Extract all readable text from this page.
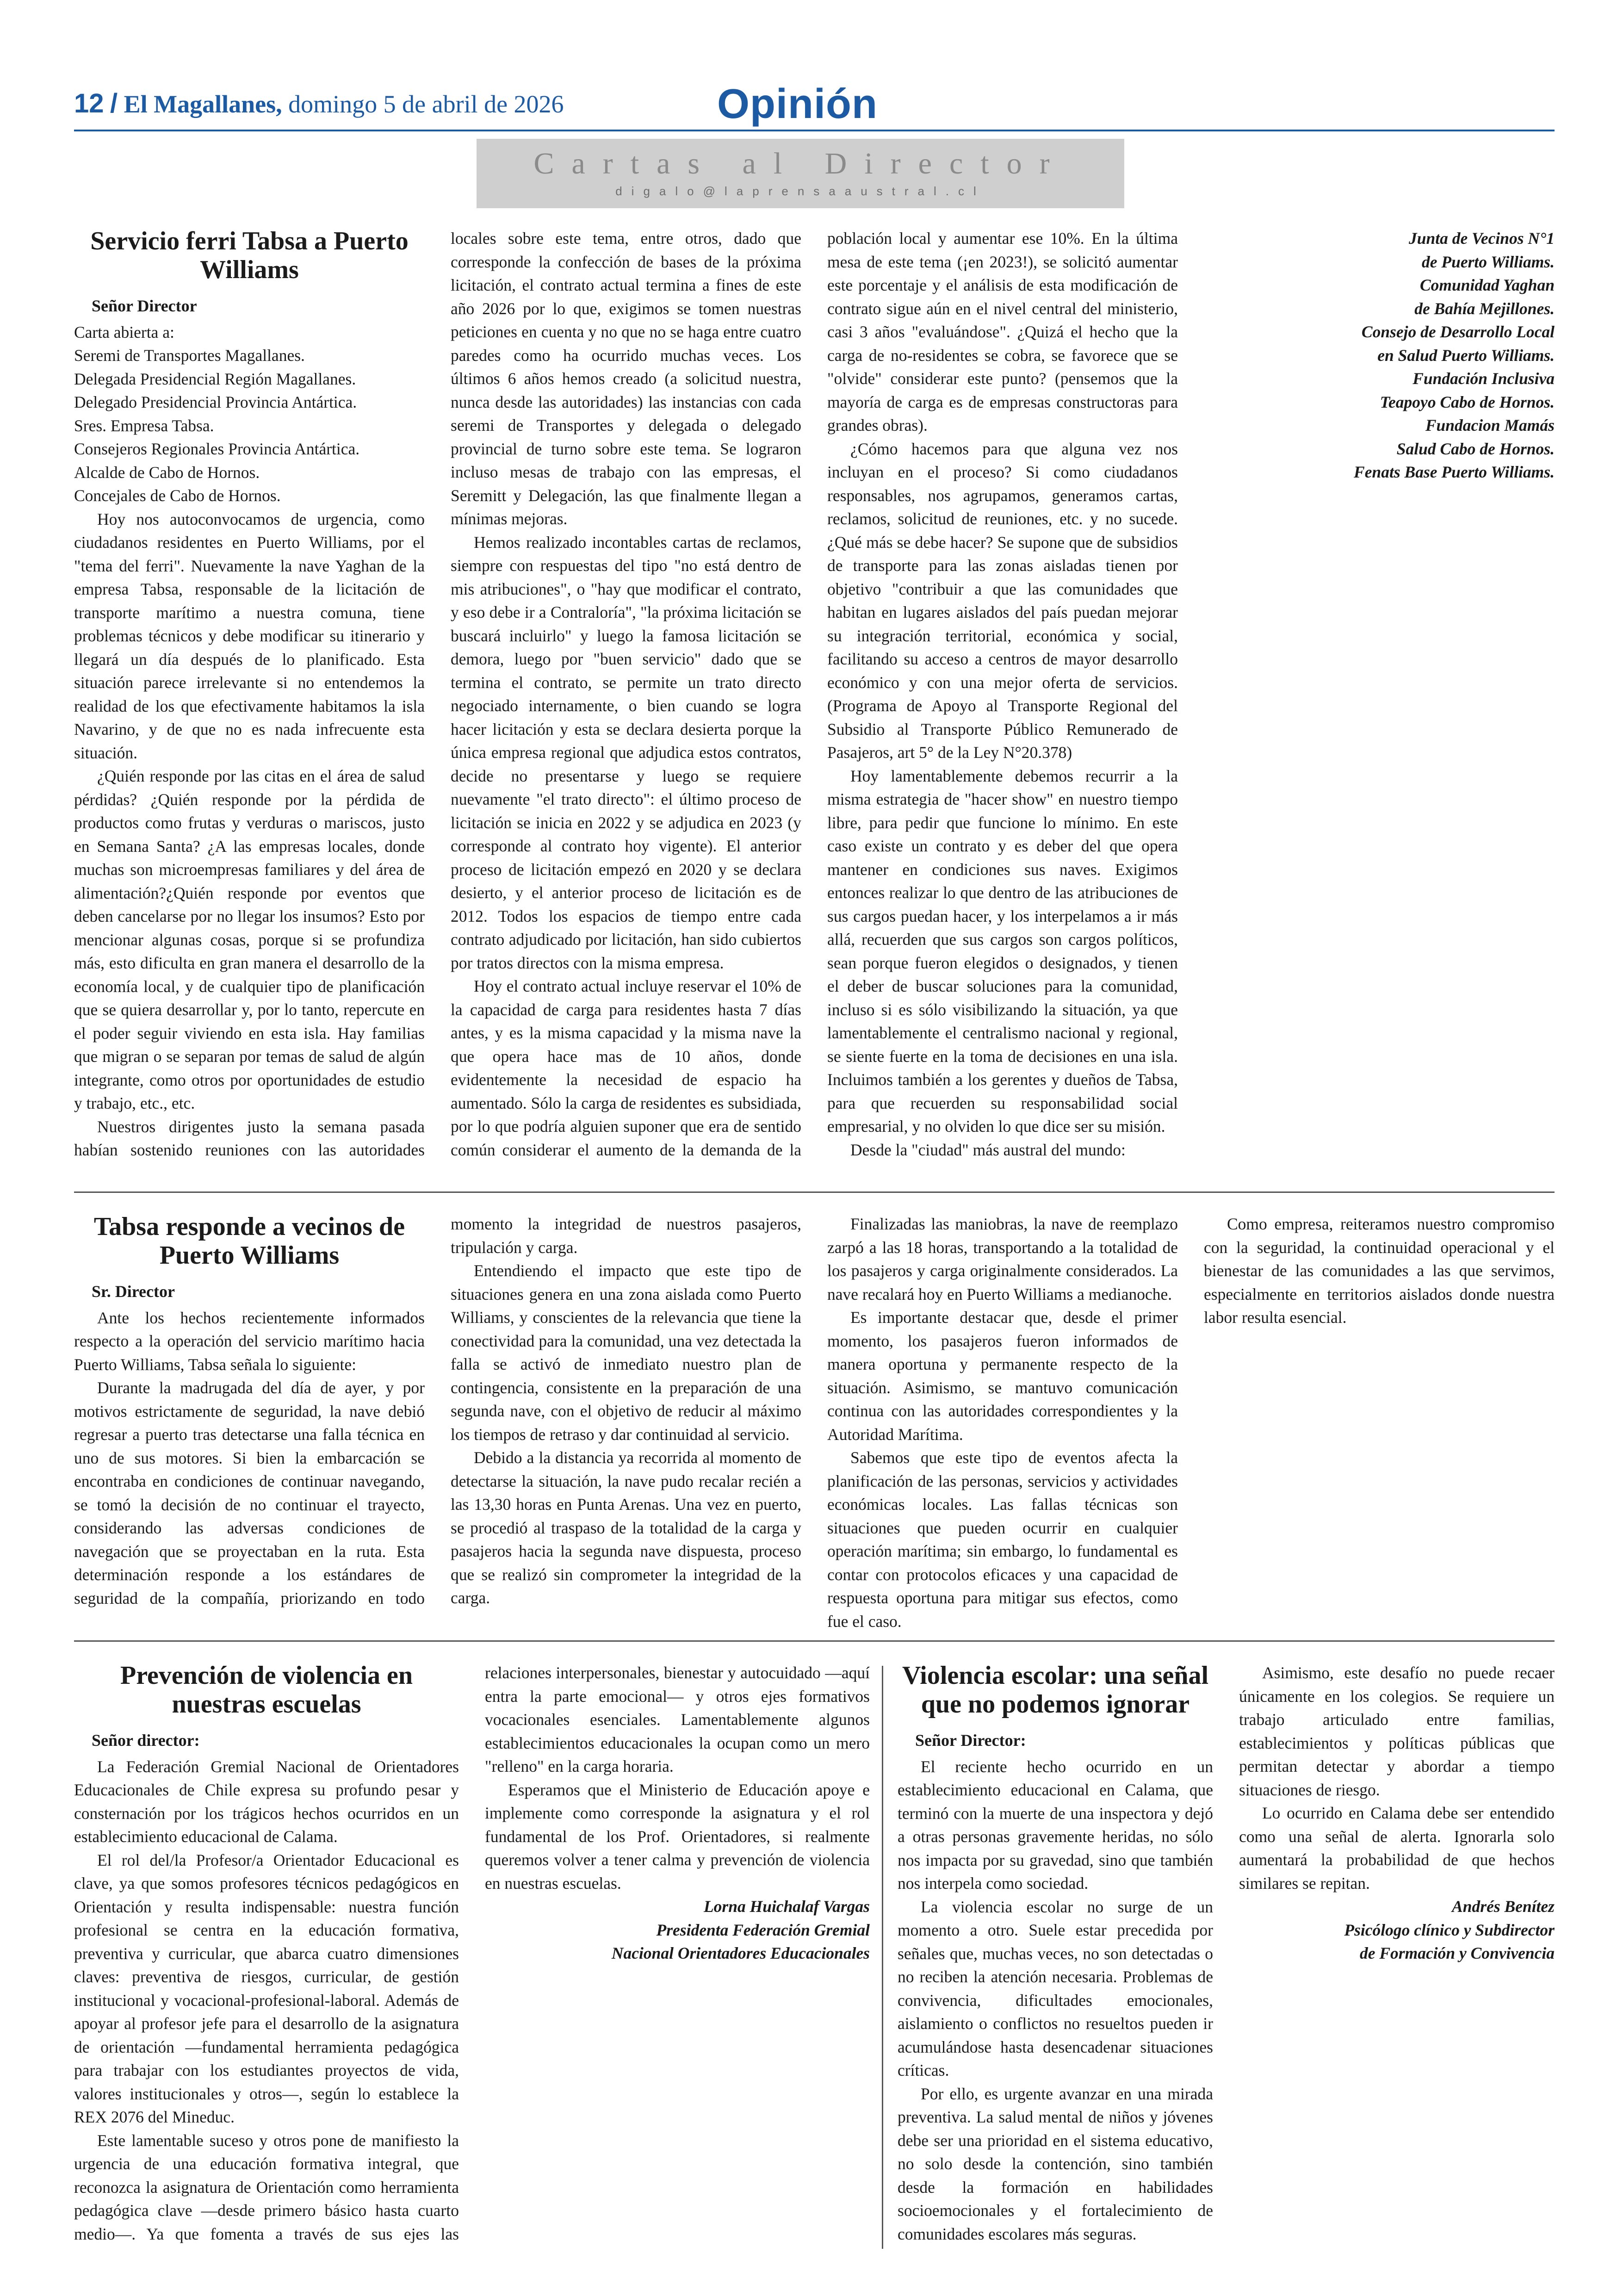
12 / El Magallanes, domingo 5 de abril de 2026	Opinión
Cartas al Director
digalo@laprensaaustral.cl
Servicio ferri Tabsa a Puerto Williams

Señor Director

Carta abierta a:

Seremi de Transportes Magallanes.

Delegada Presidencial Región Magallanes.

Delegado Presidencial Provincia Antártica.

Sres. Empresa Tabsa.

Consejeros Regionales Provincia Antártica.

Alcalde de Cabo de Hornos.

Concejales de Cabo de Hornos.

Hoy nos autoconvocamos de urgencia, como ciudadanos residentes en Puerto Williams, por el "tema del ferri". Nuevamente la nave Yaghan de la empresa Tabsa, responsable de la licitación de transporte marítimo a nuestra comuna, tiene problemas técnicos y debe modificar su itinerario y llegará un día después de lo planificado. Esta situación parece irrelevante si no entendemos la realidad de los que efectivamente habitamos la isla Navarino, y de que no es nada infrecuente esta situación.

¿Quién responde por las citas en el área de salud pérdidas? ¿Quién responde por la pérdida de productos como frutas y verduras o mariscos, justo en Semana Santa? ¿A las empresas locales, donde muchas son microempresas familiares y del área de alimentación?¿Quién responde por eventos que deben cancelarse por no llegar los insumos? Esto por mencionar algunas cosas, porque si se profundiza más, esto dificulta en gran manera el desarrollo de la economía local, y de cualquier tipo de planificación que se quiera desarrollar y, por lo tanto, repercute en el poder seguir viviendo en esta isla. Hay familias que migran o se separan por temas de salud de algún integrante, como otros por oportunidades de estudio y trabajo, etc., etc.

Nuestros dirigentes justo la semana pasada habían sostenido reuniones con las autoridades locales sobre este tema, entre otros, dado que corresponde la confección de bases de la próxima licitación, el contrato actual termina a fines de este año 2026 por lo que, exigimos se tomen nuestras peticiones en cuenta y no que no se haga entre cuatro paredes como ha ocurrido muchas veces. Los últimos 6 años hemos creado (a solicitud nuestra, nunca desde las autoridades) las instancias con cada seremi de Transportes y delegada o delegado provincial de turno sobre este tema. Se lograron incluso mesas de trabajo con las empresas, el Seremitt y Delegación, las que finalmente llegan a mínimas mejoras.

Hemos realizado incontables cartas de reclamos, siempre con respuestas del tipo "no está dentro de mis atribuciones", o "hay que modificar el contrato, y eso debe ir a Contraloría", "la próxima licitación se buscará incluirlo" y luego la famosa licitación se demora, luego por "buen servicio" dado que se termina el contrato, se permite un trato directo negociado internamente, o bien cuando se logra hacer licitación y esta se declara desierta porque la única empresa regional que adjudica estos contratos, decide no presentarse y luego se requiere nuevamente "el trato directo": el último proceso de licitación se inicia en 2022 y se adjudica en 2023 (y corresponde al contrato hoy vigente). El anterior proceso de licitación empezó en 2020 y se declara desierto, y el anterior proceso de licitación es de 2012. Todos los espacios de tiempo entre cada contrato adjudicado por licitación, han sido cubiertos por tratos directos con la misma empresa.

Hoy el contrato actual incluye reservar el 10% de la capacidad de carga para residentes hasta 7 días antes, y es la misma capacidad y la misma nave la que opera hace mas de 10 años, donde evidentemente la necesidad de espacio ha aumentado. Sólo la carga de residentes es subsidiada, por lo que podría alguien suponer que era de sentido común considerar el aumento de la demanda de la población local y aumentar ese 10%. En la última mesa de este tema (¡en 2023!), se solicitó aumentar este porcentaje y el análisis de esta modificación de contrato sigue aún en el nivel central del ministerio, casi 3 años "evaluándose". ¿Quizá el hecho que la carga de no-residentes se cobra, se favorece que se "olvide" considerar este punto? (pensemos que la mayoría de carga es de empresas constructoras para grandes obras).

¿Cómo hacemos para que alguna vez nos incluyan en el proceso? Si como ciudadanos responsables, nos agrupamos, generamos cartas, reclamos, solicitud de reuniones, etc. y no sucede. ¿Qué más se debe hacer? Se supone que de subsidios de transporte para las zonas aisladas tienen por objetivo "contribuir a que las comunidades que habitan en lugares aislados del país puedan mejorar su integración territorial, económica y social, facilitando su acceso a centros de mayor desarrollo económico y con una mejor oferta de servicios.(Programa de Apoyo al Transporte Regional del Subsidio al Transporte Público Remunerado de Pasajeros, art 5° de la Ley N°20.378)

Hoy lamentablemente debemos recurrir a la misma estrategia de "hacer show" en nuestro tiempo libre, para pedir que funcione lo mínimo. En este caso existe un contrato y es deber del que opera mantener en condiciones sus naves. Exigimos entonces realizar lo que dentro de las atribuciones de sus cargos puedan hacer, y los interpelamos a ir más allá, recuerden que sus cargos son cargos políticos, sean porque fueron elegidos o designados, y tienen el deber de buscar soluciones para la comunidad, incluso si es sólo visibilizando la situación, ya que lamentablemente el centralismo nacional y regional, se siente fuerte en la toma de decisiones en una isla. Incluimos también a los gerentes y dueños de Tabsa, para que recuerden su responsabilidad social empresarial, y no olviden lo que dice ser su misión.

Desde la "ciudad" más austral del mundo:

Junta de Vecinos N°1

de Puerto Williams.

Comunidad Yaghan

de Bahía Mejillones.

Consejo de Desarrollo Local

en Salud Puerto Williams.

Fundación Inclusiva

Teapoyo Cabo de Hornos.

Fundacion Mamás

Salud Cabo de Hornos.

Fenats Base Puerto Williams.

Tabsa responde a vecinos de Puerto Williams

Sr. Director

Ante los hechos recientemente informados respecto a la operación del servicio marítimo hacia Puerto Williams, Tabsa señala lo siguiente:

Durante la madrugada del día de ayer, y por motivos estrictamente de seguridad, la nave debió regresar a puerto tras detectarse una falla técnica en uno de sus motores. Si bien la embarcación se encontraba en condiciones de continuar navegando, se tomó la decisión de no continuar el trayecto, considerando las adversas condiciones de navegación que se proyectaban en la ruta. Esta determinación responde a los estándares de seguridad de la compañía, priorizando en todo momento la integridad de nuestros pasajeros, tripulación y carga.

Entendiendo el impacto que este tipo de situaciones genera en una zona aislada como Puerto Williams, y conscientes de la relevancia que tiene la conectividad para la comunidad, una vez detectada la falla se activó de inmediato nuestro plan de contingencia, consistente en la preparación de una segunda nave, con el objetivo de reducir al máximo los tiempos de retraso y dar continuidad al servicio.

Debido a la distancia ya recorrida al momento de detectarse la situación, la nave pudo recalar recién a las 13,30 horas en Punta Arenas. Una vez en puerto, se procedió al traspaso de la totalidad de la carga y pasajeros hacia la segunda nave dispuesta, proceso que se realizó sin comprometer la integridad de la carga.

Finalizadas las maniobras, la nave de reemplazo zarpó a las 18 horas, transportando a la totalidad de los pasajeros y carga originalmente considerados. La nave recalará hoy en Puerto Williams a medianoche.

Es importante destacar que, desde el primer momento, los pasajeros fueron informados de manera oportuna y permanente respecto de la situación. Asimismo, se mantuvo comunicación continua con las autoridades correspondientes y la Autoridad Marítima.

Sabemos que este tipo de eventos afecta la planificación de las personas, servicios y actividades económicas locales. Las fallas técnicas son situaciones que pueden ocurrir en cualquier operación marítima; sin embargo, lo fundamental es contar con protocolos eficaces y una capacidad de respuesta oportuna para mitigar sus efectos, como fue el caso.

Como empresa, reiteramos nuestro compromiso con la seguridad, la continuidad operacional y el bienestar de las comunidades a las que servimos, especialmente en territorios aislados donde nuestra labor resulta esencial.

Prevención de violencia en nuestras escuelas

Señor director:

La Federación Gremial Nacional de Orientadores Educacionales de Chile expresa su profundo pesar y consternación por los trágicos hechos ocurridos en un establecimiento educacional de Calama.

El rol del/la Profesor/a Orientador Educacional es clave, ya que somos profesores técnicos pedagógicos en Orientación y resulta indispensable: nuestra función profesional se centra en la educación formativa, preventiva y curricular, que abarca cuatro dimensiones claves: preventiva de riesgos, curricular, de gestión institucional y vocacional-profesional-laboral. Además de apoyar al profesor jefe para el desarrollo de la asignatura de orientación —fundamental herramienta pedagógica para trabajar con los estudiantes proyectos de vida, valores institucionales y otros—, según lo establece la REX 2076 del Mineduc.

Este lamentable suceso y otros pone de manifiesto la urgencia de una educación formativa integral, que reconozca la asignatura de Orientación como herramienta pedagógica clave —desde primero básico hasta cuarto medio—. Ya que fomenta a través de sus ejes las relaciones interpersonales, bienestar y autocuidado —aquí entra la parte emocional— y otros ejes formativos vocacionales esenciales. Lamentablemente algunos establecimientos educacionales la ocupan como un mero "relleno" en la carga horaria.

Esperamos que el Ministerio de Educación apoye e implemente como corresponde la asignatura y el rol fundamental de los Prof. Orientadores, si realmente queremos volver a tener calma y prevención de violencia en nuestras escuelas.

Lorna Huichalaf Vargas

Presidenta Federación Gremial

Nacional Orientadores Educacionales

Violencia escolar: una señal que no podemos ignorar

Señor Director:

El reciente hecho ocurrido en un establecimiento educacional en Calama, que terminó con la muerte de una inspectora y dejó a otras personas gravemente heridas, no sólo nos impacta por su gravedad, sino que también nos interpela como sociedad.

La violencia escolar no surge de un momento a otro. Suele estar precedida por señales que, muchas veces, no son detectadas o no reciben la atención necesaria. Problemas de convivencia, dificultades emocionales, aislamiento o conflictos no resueltos pueden ir acumulándose hasta desencadenar situaciones críticas.

Por ello, es urgente avanzar en una mirada preventiva. La salud mental de niños y jóvenes debe ser una prioridad en el sistema educativo, no solo desde la contención, sino también desde la formación en habilidades socioemocionales y el fortalecimiento de comunidades escolares más seguras.

Asimismo, este desafío no puede recaer únicamente en los colegios. Se requiere un trabajo articulado entre familias, establecimientos y políticas públicas que permitan detectar y abordar a tiempo situaciones de riesgo.

Lo ocurrido en Calama debe ser entendido como una señal de alerta. Ignorarla solo aumentará la probabilidad de que hechos similares se repitan.

Andrés Benítez

Psicólogo clínico y Subdirector

de Formación y Convivencia
